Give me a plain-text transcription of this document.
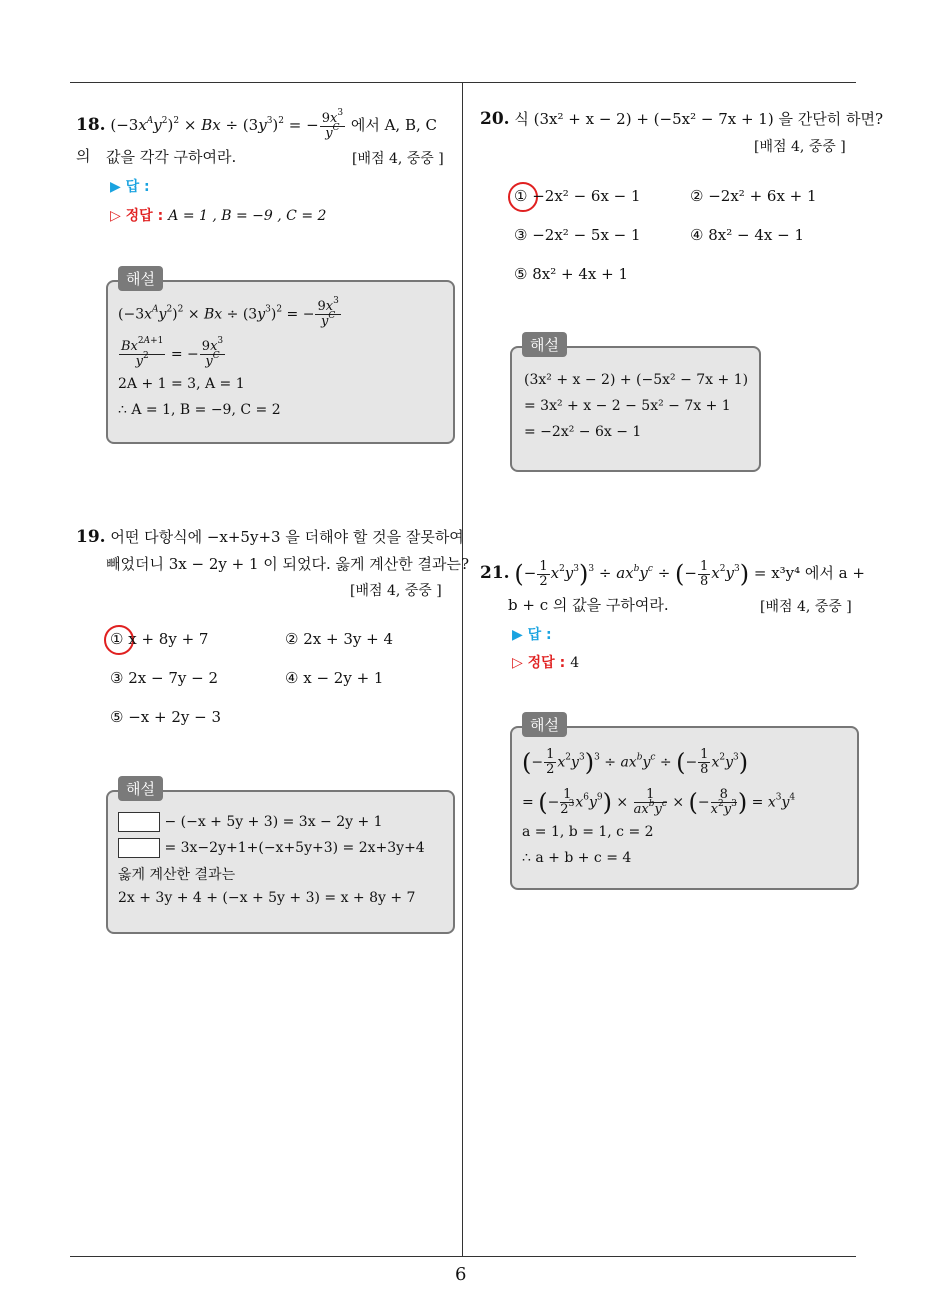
6
18. $(-3x^Ay^2)^2 \times Bx \div (3y^3)^2$ = − $\frac{9x^3}{y^C}$ 에서 A, B, C 의	값을 각각 구하여라.	[배점 4, 중중 ]
▶ 답 :
▷ 정답 : A = 1 , B = −9 , C = 2
해설
$(-3x^Ay^2)^2 \times Bx \div (3y^3)^2$ = − $\frac{9x^3}{y^C}$
$\frac{Bx^{2A+1}}{y^2}$ = − $\frac{9x^3}{y^C}$
2A + 1 = 3, A = 1
∴ A = 1, B = −9, C = 2
19. 어떤 다항식에 −x+5y+3 을 더해야 할 것을 잘못하여
빼었더니 3x − 2y + 1 이 되었다. 옳게 계산한 결과는?
[배점 4, 중중 ]
① x + 8y + 7	② 2x + 3y + 4
③ 2x − 7y − 2	④ x − 2y + 1
⑤ −x + 2y − 3
해설
− (−x + 5y + 3) = 3x − 2y + 1
= 3x−2y+1+(−x+5y+3) = 2x+3y+4
옳게 계산한 결과는
2x + 3y + 4 + (−x + 5y + 3) = x + 8y + 7
20. 식 (3x² + x − 2) + (−5x² − 7x + 1) 을 간단히 하면?
[배점 4, 중중 ]
① −2x² − 6x − 1	② −2x² + 6x + 1
③ −2x² − 5x − 1	④ 8x² − 4x − 1
⑤ 8x² + 4x + 1
해설
(3x² + x − 2) + (−5x² − 7x + 1)
= 3x² + x − 2 − 5x² − 7x + 1
= −2x² − 6x − 1
21. (− $\frac{1}{2} x^2y^3)^3 \div ax^by^c$ ÷ (− $\frac{1}{8} x^2y^3) = x^3y^4$ 에서 a +
b + c 의 값을 구하여라.	[배점 4, 중중 ]
▶ 답 :
▷ 정답 : 4
해설
(− $\frac{1}{2} x^2y^3)^3 \div ax^by^c$ ÷ (− $\frac{1}{8} x^2y^3$)
= (− $\frac{1}{2^3} x^6y^9) \times \frac{1}{ax^by^c}$ × (− $\frac{8}{x^2y^3}$ ) = $x^3y^4$
a = 1, b = 1, c = 2
∴ a + b + c = 4
